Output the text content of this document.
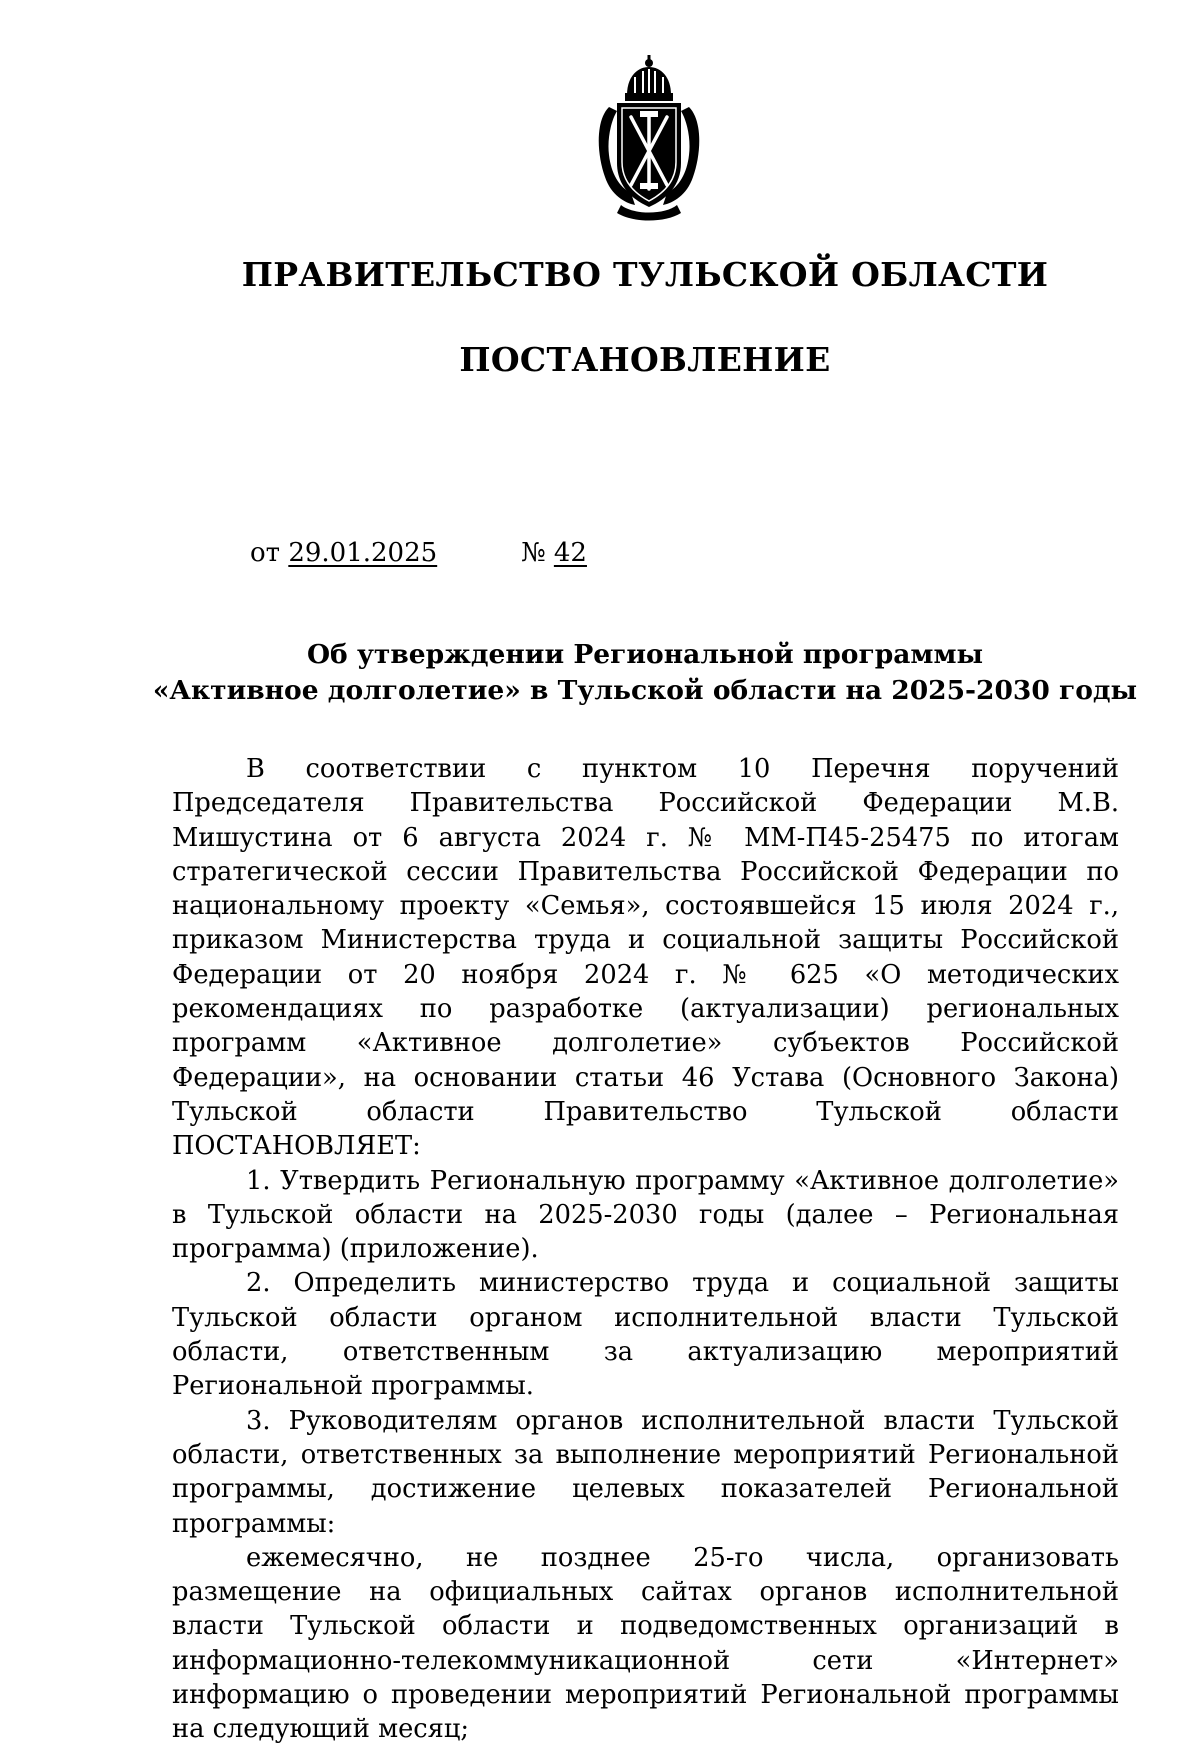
ПРАВИТЕЛЬСТВО ТУЛЬСКОЙ ОБЛАСТИ
ПОСТАНОВЛЕНИЕ
от 29.01.2025	№ 42
Об утверждении Региональной программы
«Активное долголетие» в Тульской области на 2025-2030 годы

В соответствии с пунктом 10 Перечня поручений Председателя Правительства Российской Федерации М.В. Мишустина от 6 августа 2024 г. № ММ-П45-25475 по итогам стратегической сессии Правительства Российской Федерации по национальному проекту «Семья», состоявшейся 15 июля 2024 г., приказом Министерства труда и социальной защиты Российской Федерации от 20 ноября 2024 г. № 625 «О методических рекомендациях по разработке (актуализации) региональных программ «Активное долголетие» субъектов Российской Федерации», на основании статьи 46 Устава (Основного Закона) Тульской области Правительство Тульской области ПОСТАНОВЛЯЕТ:

1. Утвердить Региональную программу «Активное долголетие» в Тульской области на 2025-2030 годы (далее – Региональная программа) (приложение).

2. Определить министерство труда и социальной защиты Тульской области органом исполнительной власти Тульской области, ответственным за актуализацию мероприятий Региональной программы.

3. Руководителям органов исполнительной власти Тульской области, ответственных за выполнение мероприятий Региональной программы, достижение целевых показателей Региональной программы:

ежемесячно, не позднее 25-го числа, организовать размещение на официальных сайтах органов исполнительной власти Тульской области и подведомственных организаций в информационно-телекоммуникационной сети «Интернет» информацию о проведении мероприятий Региональной программы на следующий месяц;
